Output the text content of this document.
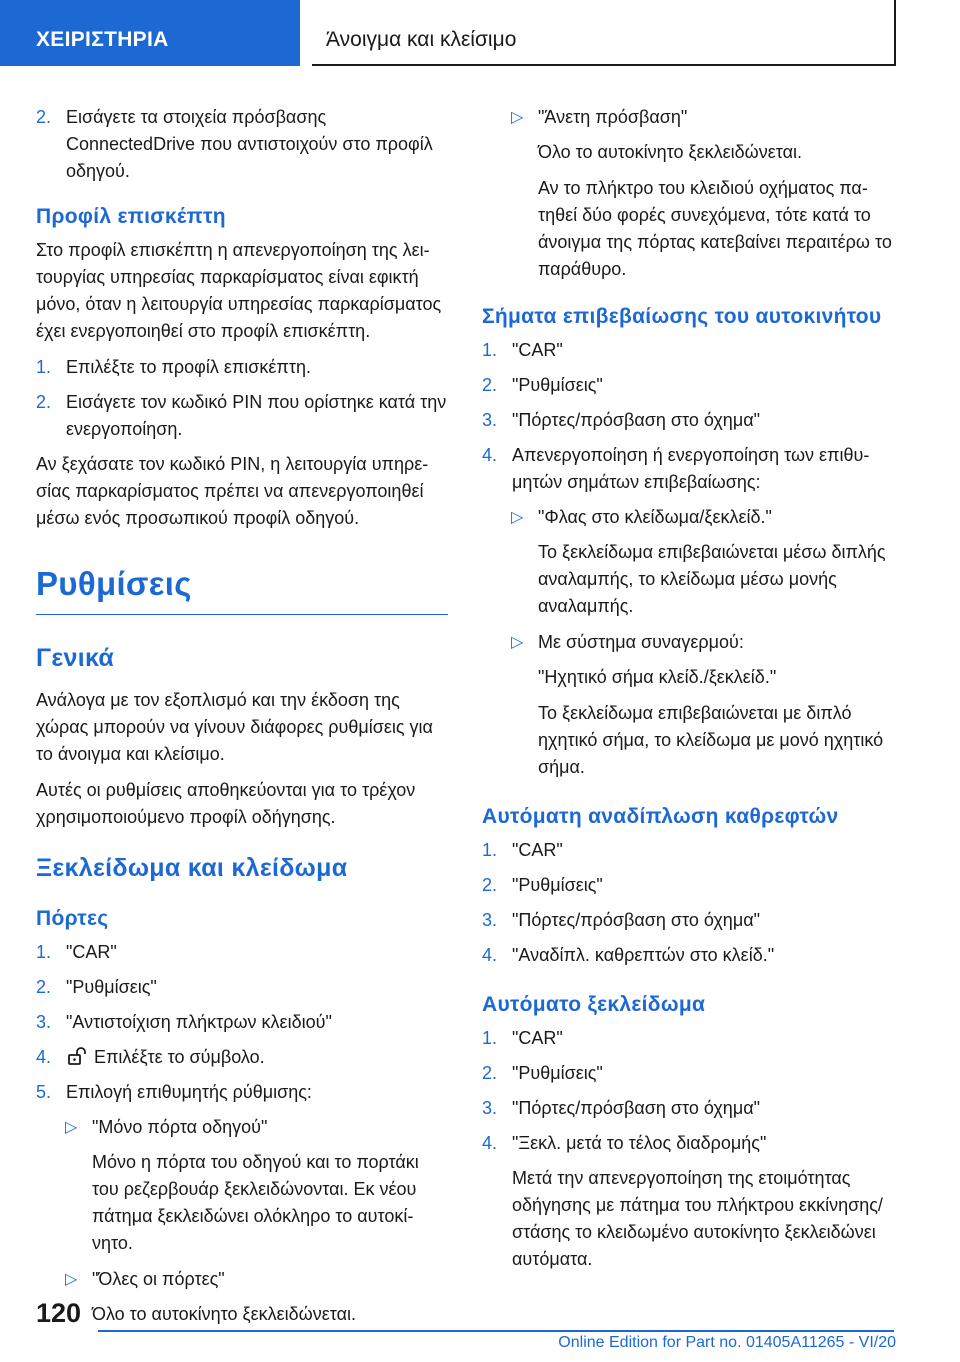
ΧΕΙΡΙΣΤΗΡΙΑ	Άνοιγμα και κλείσιμο
2. Εισάγετε τα στοιχεία πρόσβασης ConnectedDrive που αντιστοιχούν στο προφίλ οδηγού.
Προφίλ επισκέπτη

Στο προφίλ επισκέπτη η απενεργοποίηση της λειτουργίας υπηρεσίας παρκαρίσματος είναι εφικτή μόνο, όταν η λειτουργία υπηρεσίας παρκαρίσματος έχει ενεργοποιηθεί στο προφίλ επισκέπτη.

1. Επιλέξτε το προφίλ επισκέπτη.
2. Εισάγετε τον κωδικό PIN που ορίστηκε κατά την ενεργοποίηση.

Αν ξεχάσατε τον κωδικό PIN, η λειτουργία υπηρεσίας παρκαρίσματος πρέπει να απενεργοποιηθεί μέσω ενός προσωπικού προφίλ οδηγού.

Ρυθμίσεις
Γενικά

Ανάλογα με τον εξοπλισμό και την έκδοση της χώρας μπορούν να γίνουν διάφορες ρυθμίσεις για το άνοιγμα και κλείσιμο.

Αυτές οι ρυθμίσεις αποθηκεύονται για το τρέχον χρησιμοποιούμενο προφίλ οδήγησης.

Ξεκλείδωμα και κλείδωμα
Πόρτες
1. "CAR"
2. "Ρυθμίσεις"
3. "Αντιστοίχιση πλήκτρων κλειδιού"
4. Επιλέξτε το σύμβολο.
5. Επιλογή επιθυμητής ρύθμισης:
▷ "Μόνο πόρτα οδηγού"
Μόνο η πόρτα του οδηγού και το πορτάκι του ρεζερβουάρ ξεκλειδώνονται. Εκ νέου πάτημα ξεκλειδώνει ολόκληρο το αυτοκίνητο.
▷ "Όλες οι πόρτες"
Όλο το αυτοκίνητο ξεκλειδώνεται.
▷ "Άνετη πρόσβαση"
Όλο το αυτοκίνητο ξεκλειδώνεται.
Αν το πλήκτρο του κλειδιού οχήματος πατηθεί δύο φορές συνεχόμενα, τότε κατά το άνοιγμα της πόρτας κατεβαίνει περαιτέρω το παράθυρο.
Σήματα επιβεβαίωσης του αυτοκινήτου
1. "CAR"
2. "Ρυθμίσεις"
3. "Πόρτες/πρόσβαση στο όχημα"
4. Απενεργοποίηση ή ενεργοποίηση των επιθυμητών σημάτων επιβεβαίωσης:
▷ "Φλας στο κλείδωμα/ξεκλείδ."
Το ξεκλείδωμα επιβεβαιώνεται μέσω διπλής αναλαμπής, το κλείδωμα μέσω μονής αναλαμπής.
▷ Με σύστημα συναγερμού:
"Ηχητικό σήμα κλείδ./ξεκλείδ."
Το ξεκλείδωμα επιβεβαιώνεται με διπλό ηχητικό σήμα, το κλείδωμα με μονό ηχητικό σήμα.
Αυτόματη αναδίπλωση καθρεφτών
1. "CAR"
2. "Ρυθμίσεις"
3. "Πόρτες/πρόσβαση στο όχημα"
4. "Αναδίπλ. καθρεπτών στο κλείδ."
Αυτόματο ξεκλείδωμα
1. "CAR"
2. "Ρυθμίσεις"
3. "Πόρτες/πρόσβαση στο όχημα"
4. "Ξεκλ. μετά το τέλος διαδρομής"
Μετά την απενεργοποίηση της ετοιμότητας οδήγησης με πάτημα του πλήκτρου εκκίνησης/στάσης το κλειδωμένο αυτοκίνητο ξεκλειδώνει αυτόματα.
120
Online Edition for Part no. 01405A11265 - VI/20
